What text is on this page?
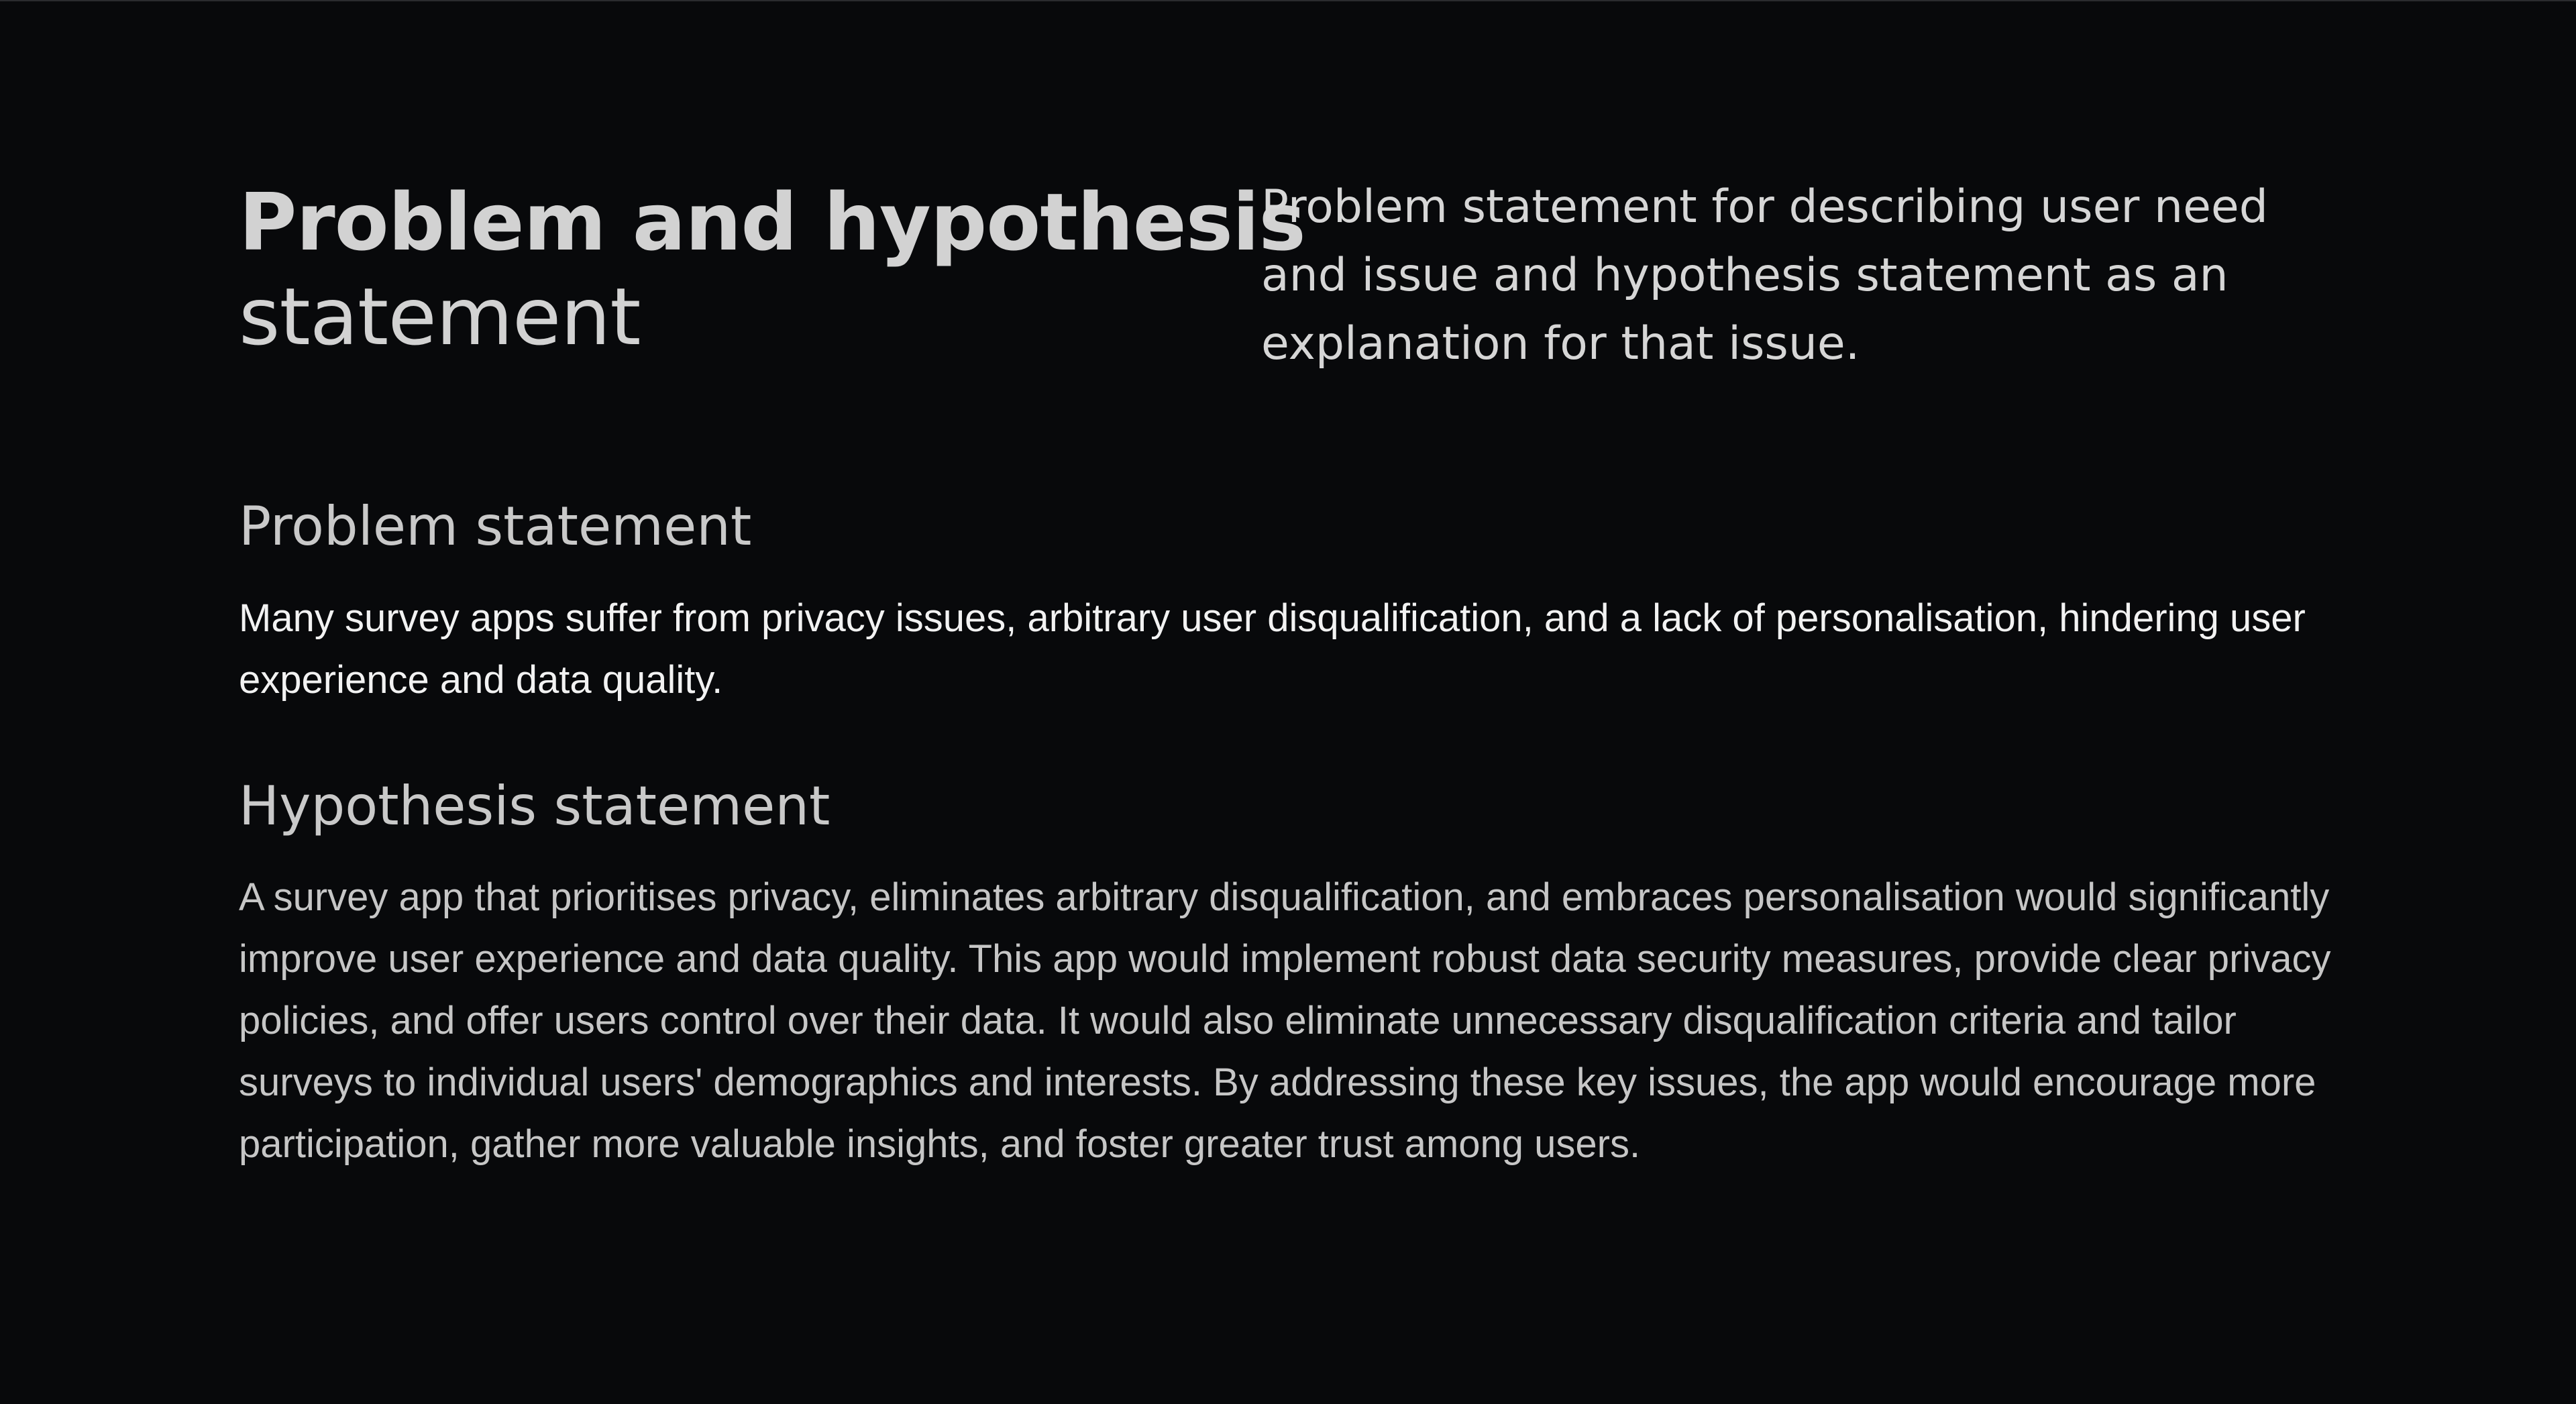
Problem and hypothesis
statement

Problem statement for describing user need and issue and hypothesis statement as an explanation for that issue.

Problem statement

Many survey apps suffer from privacy issues, arbitrary user disqualification, and a lack of personalisation, hindering user experience and data quality.

Hypothesis statement

A survey app that prioritises privacy, eliminates arbitrary disqualification, and embraces personalisation would significantly improve user experience and data quality. This app would implement robust data security measures, provide clear privacy policies, and offer users control over their data. It would also eliminate unnecessary disqualification criteria and tailor surveys to individual users' demographics and interests. By addressing these key issues, the app would encourage more participation, gather more valuable insights, and foster greater trust among users.
